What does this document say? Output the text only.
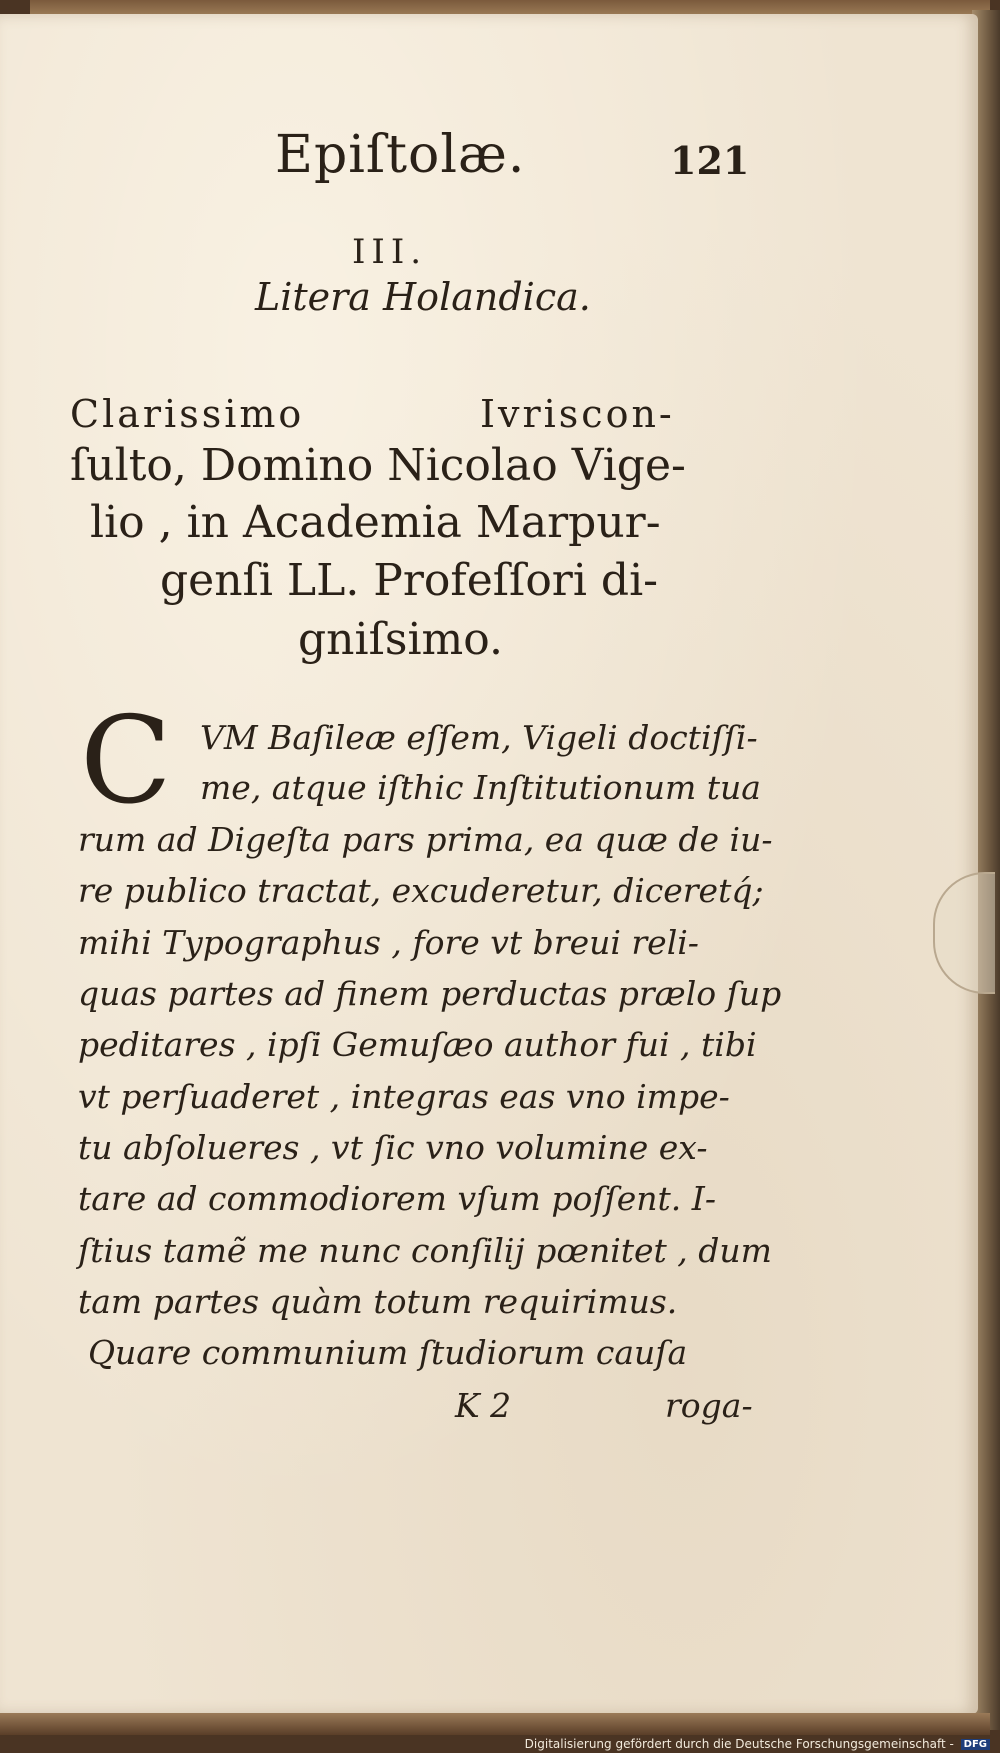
Epiſtolæ.	121
III.
Litera Holandica.
Clarissimo	Ivriscon-
ſulto, Domino Nicolao Vige-
lio , in Academia Marpur-
genſi LL. Profeſſori di-
gniſsimo.
C VM Baſileæ eſſem, Vigeli doctiſſi-
me, atque iſthic Inſtitutionum tua
rum ad Digeſta pars prima, ea quæ de iu-
re publico tractat, excuderetur, diceretq́;
mihi Typographus , fore vt breui reli-
quas partes ad finem perductas prælo ſup
peditares , ipſi Gemuſæo author fui , tibi
vt perſuaderet , integras eas vno impe-
tu abſolueres , vt ſic vno volumine ex-
tare ad commodiorem vſum poſſent. I-
ſtius tamẽ me nunc conſilij pœnitet , dum
tam partes quàm totum requirimus.
Quare communium ſtudiorum cauſa
K 2	roga-
Digitalisierung gefördert durch die Deutsche Forschungsgemeinschaft - DFG
